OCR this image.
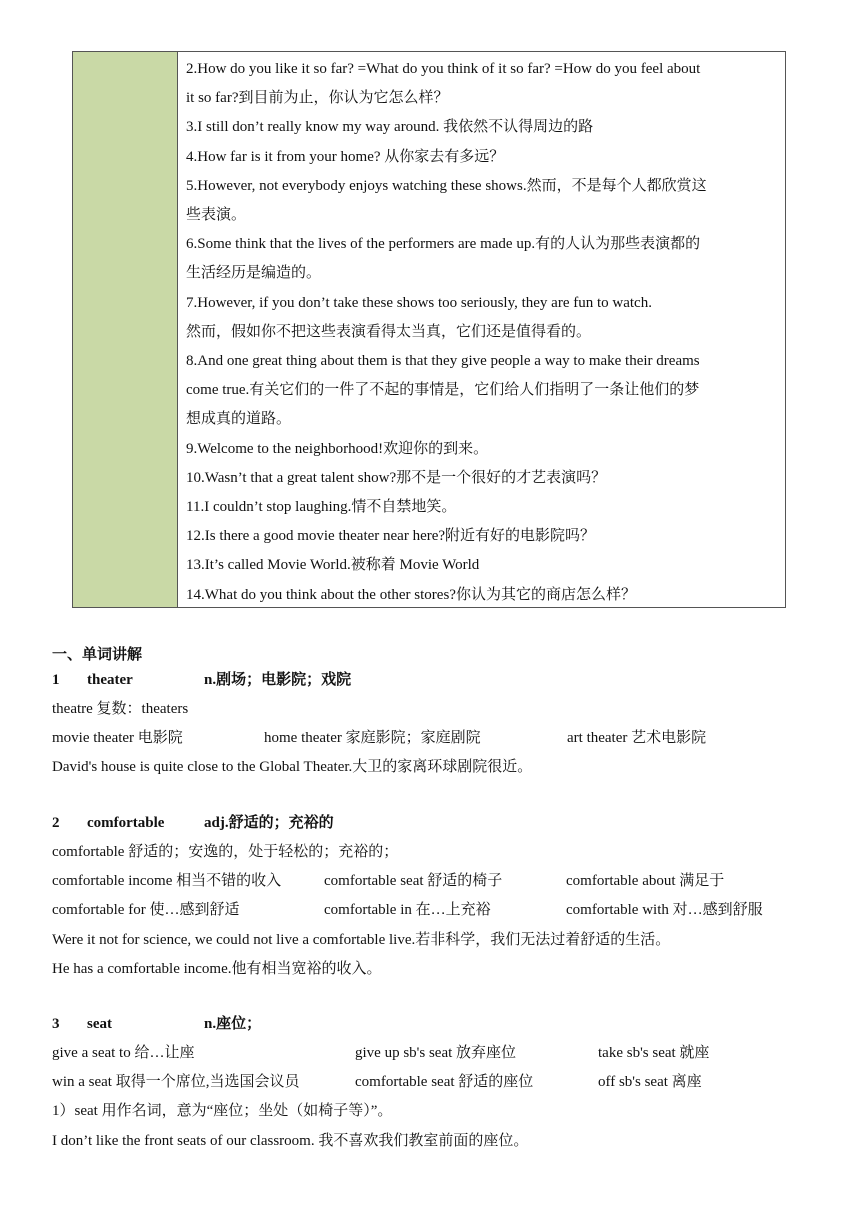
2.How do you like it so far? =What do you think of it so far? =How do you feel about

it so far?到目前为止，你认为它怎么样？

3.I still don’t really know my way around. 我依然不认得周边的路

4.How far is it from your home? 从你家去有多远？

5.However, not everybody enjoys watching these shows.然而，不是每个人都欣赏这

些表演。

6.Some think that the lives of the performers are made up.有的人认为那些表演都的

生活经历是编造的。

7.However, if you don’t take these shows too seriously, they are fun to watch.

然而，假如你不把这些表演看得太当真，它们还是值得看的。

8.And one great thing about them is that they give people a way to make their dreams

come true.有关它们的一件了不起的事情是，它们给人们指明了一条让他们的梦

想成真的道路。

9.Welcome to the neighborhood!欢迎你的到来。

10.Wasn’t that a great talent show?那不是一个很好的才艺表演吗？

11.I couldn’t stop laughing.情不自禁地笑。

12.Is there a good movie theater near here?附近有好的电影院吗？

13.It’s called Movie World.被称着 Movie World

14.What do you think about the other stores?你认为其它的商店怎么样？

一、单词讲解

1	theater	n.剧场；电影院；戏院

theatre 复数：theaters

movie theater 电影院	home theater 家庭影院；家庭剧院	art theater 艺术电影院

David's house is quite close to the Global Theater.大卫的家离环球剧院很近。

2	comfortable	adj.舒适的；充裕的

comfortable 舒适的；安逸的，处于轻松的；充裕的；

comfortable income 相当不错的收入	comfortable seat 舒适的椅子	comfortable about 满足于
comfortable for 使…感到舒适	comfortable in 在…上充裕	comfortable with 对…感到舒服

Were it not for science, we could not live a comfortable live.若非科学，我们无法过着舒适的生活。

He has a comfortable income.他有相当宽裕的收入。

3	seat	n.座位；
give a seat to 给…让座	give up sb's seat 放弃座位	take sb's seat 就座
win a seat 取得一个席位,当选国会议员	comfortable seat 舒适的座位	off sb's seat 离座

1）seat 用作名词，意为“座位；坐处（如椅子等）”。

I don’t like the front seats of our classroom. 我不喜欢我们教室前面的座位。
